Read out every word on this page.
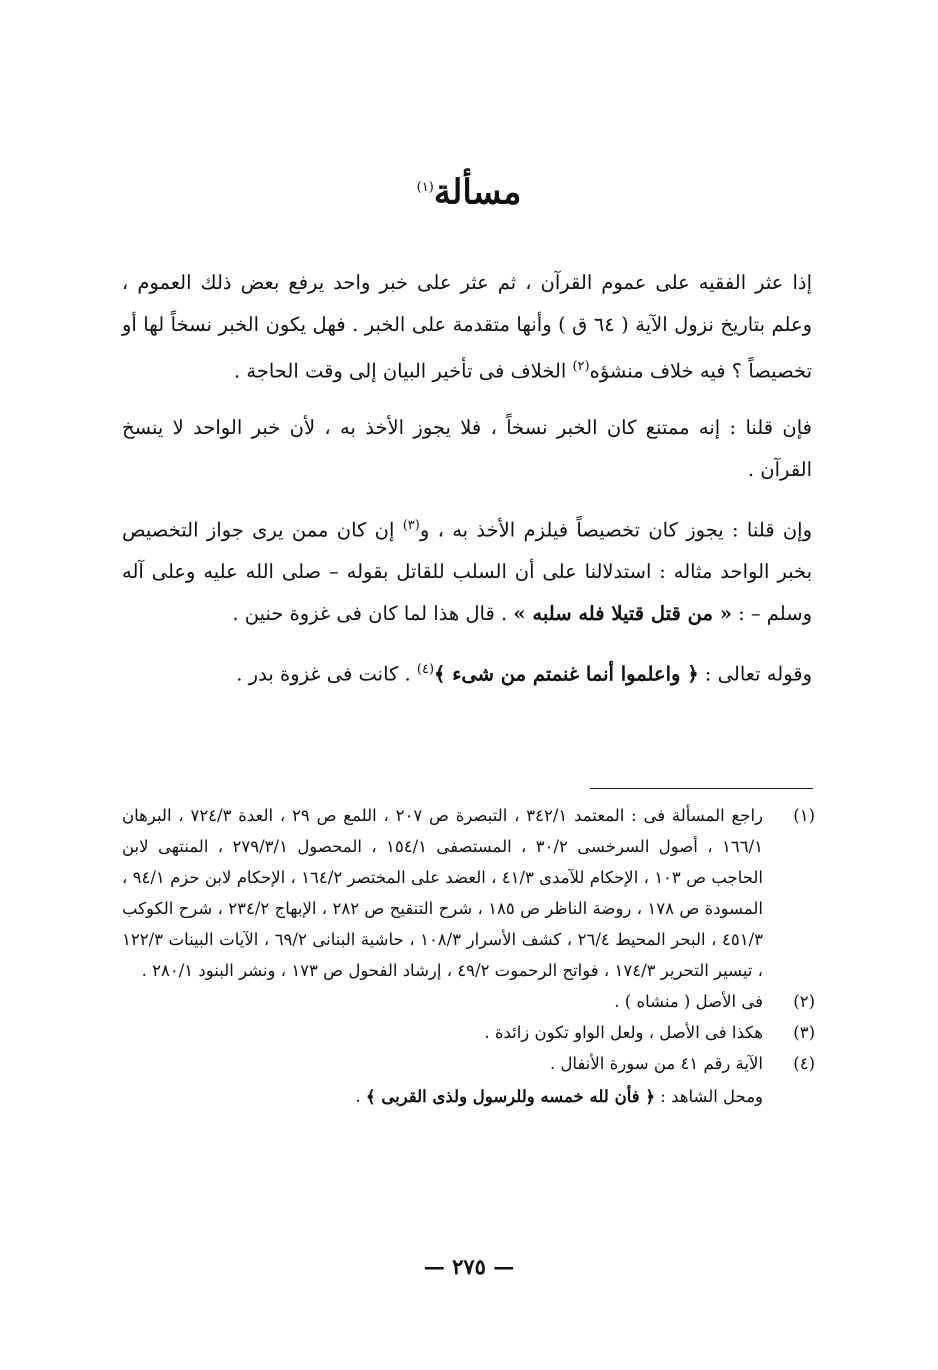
مسألة$^{(١)}$

إذا عثر الفقيه على عموم القرآن ، ثم عثر على خبر واحد يرفع بعض ذلك العموم ، وعلم بتاريخ نزول الآية ( ٦٤ ق ) وأنها متقدمة على الخبر . فهل يكون الخبر نسخاً لها أو تخصيصاً ؟ فيه خلاف منشؤه$^{(٢)}$ الخلاف فى تأخير البيان إلى وقت الحاجة .

فإن قلنا : إنه ممتنع كان الخبر نسخاً ، فلا يجوز الأخذ به ، لأن خبر الواحد لا ينسخ القرآن .

وإن قلنا : يجوز كان تخصيصاً فيلزم الأخذ به ، و$^{(٣)}$ إن كان ممن يرى جواز التخصيص بخبر الواحد مثاله : استدلالنا على أن السلب للقاتل بقوله – صلى الله عليه وعلى آله وسلم – : « من قتل قتيلا فله سلبه » . قال هذا لما كان فى غزوة حنين .

وقوله تعالى : ﴿ واعلموا أنما غنمتم من شىء ﴾$^{(٤)}$ . كانت فى غزوة بدر .

(١)
راجع المسألة فى : المعتمد ٣٤٢/١ ، التبصرة ص ٢٠٧ ، اللمع ص ٢٩ ، العدة ٧٢٤/٣ ، البرهان ١٦٦/١ ، أصول السرخسى ٣٠/٢ ، المستصفى ١٥٤/١ ، المحصول ٢٧٩/٣/١ ، المنتهى لابن الحاجب ص ١٠٣ ، الإحكام للآمدى ٤١/٣ ، العضد على المختصر ١٦٤/٢ ، الإحكام لابن حزم ٩٤/١ ، المسودة ص ١٧٨ ، روضة الناظر ص ١٨٥ ، شرح التنقيح ص ٢٨٢ ، الإبهاج ٢٣٤/٢ ، شرح الكوكب ٤٥١/٣ ، البحر المحيط ٢٦/٤ ، كشف الأسرار ١٠٨/٣ ، حاشية البنانى ٦٩/٢ ، الآيات البينات ١٢٢/٣ ، تيسير التحرير ١٧٤/٣ ، فواتح الرحموت ٤٩/٢ ، إرشاد الفحول ص ١٧٣ ، ونشر البنود ٢٨٠/١ .
(٢)
فى الأصل ( منشاه ) .
(٣)
هكذا فى الأصل ، ولعل الواو تكون زائدة .
(٤)
الآية رقم ٤١ من سورة الأنفال .

ومحل الشاهد : ﴿ فأن لله خمسه وللرسول ولذى القربى ﴾ .

— ٢٧٥ —
